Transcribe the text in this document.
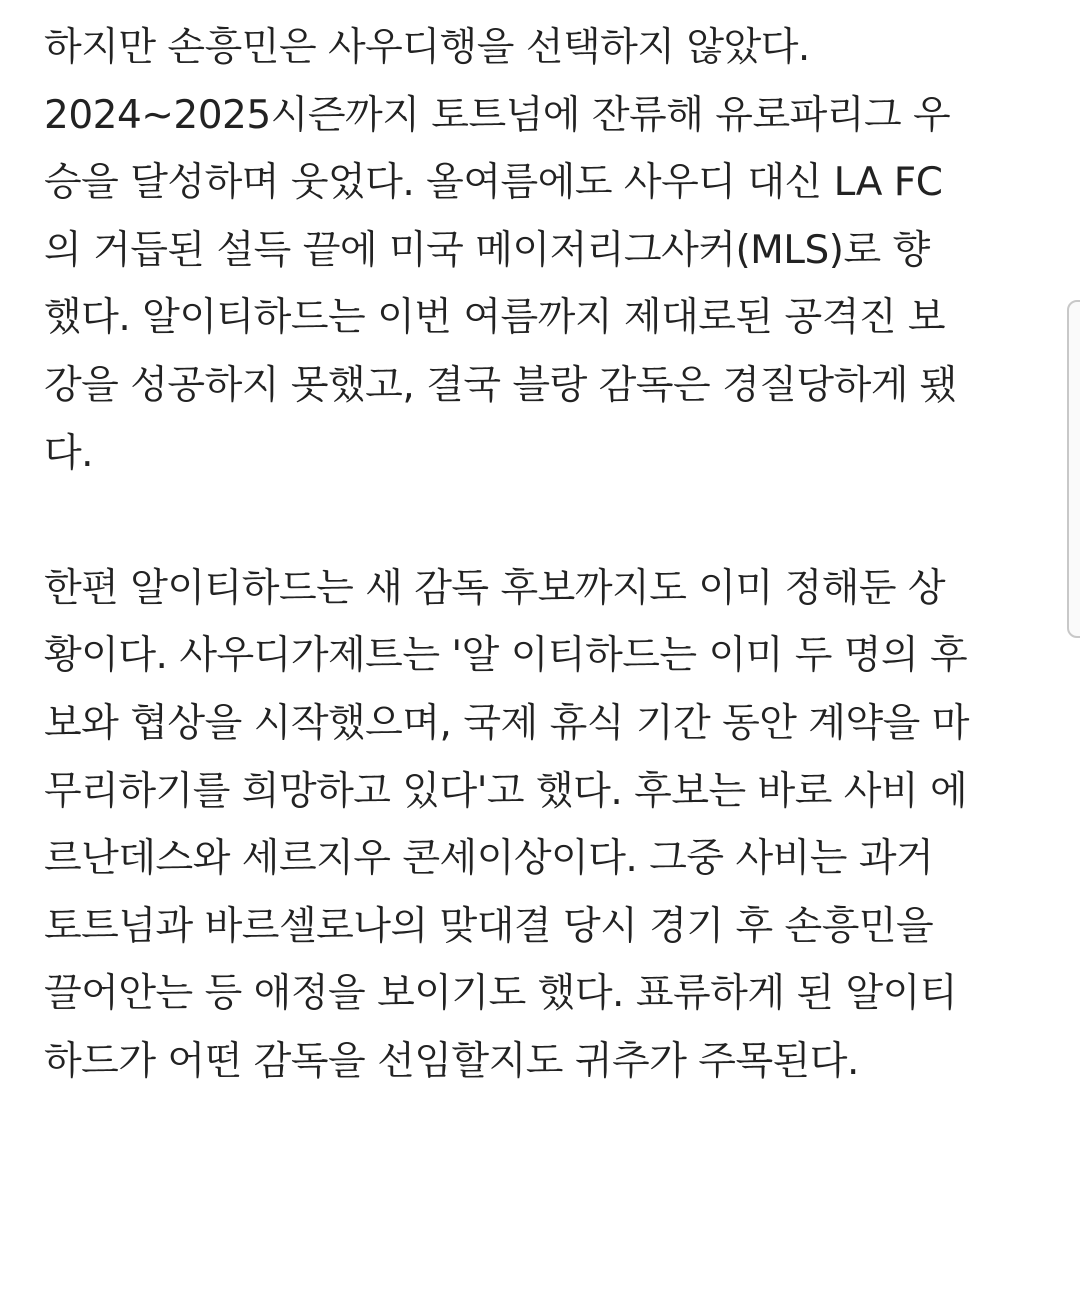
하지만 손흥민은 사우디행을 선택하지 않았다.
2024~2025시즌까지 토트넘에 잔류해 유로파리그 우
승을 달성하며 웃었다. 올여름에도 사우디 대신 LA FC
의 거듭된 설득 끝에 미국 메이저리그사커(MLS)로 향
했다. 알이티하드는 이번 여름까지 제대로된 공격진 보
강을 성공하지 못했고, 결국 블랑 감독은 경질당하게 됐
다.

한편 알이티하드는 새 감독 후보까지도 이미 정해둔 상
황이다. 사우디가제트는 '알 이티하드는 이미 두 명의 후
보와 협상을 시작했으며, 국제 휴식 기간 동안 계약을 마
무리하기를 희망하고 있다'고 했다. 후보는 바로 사비 에
르난데스와 세르지우 콘세이상이다. 그중 사비는 과거
토트넘과 바르셀로나의 맞대결 당시 경기 후 손흥민을
끌어안는 등 애정을 보이기도 했다. 표류하게 된 알이티
하드가 어떤 감독을 선임할지도 귀추가 주목된다.
